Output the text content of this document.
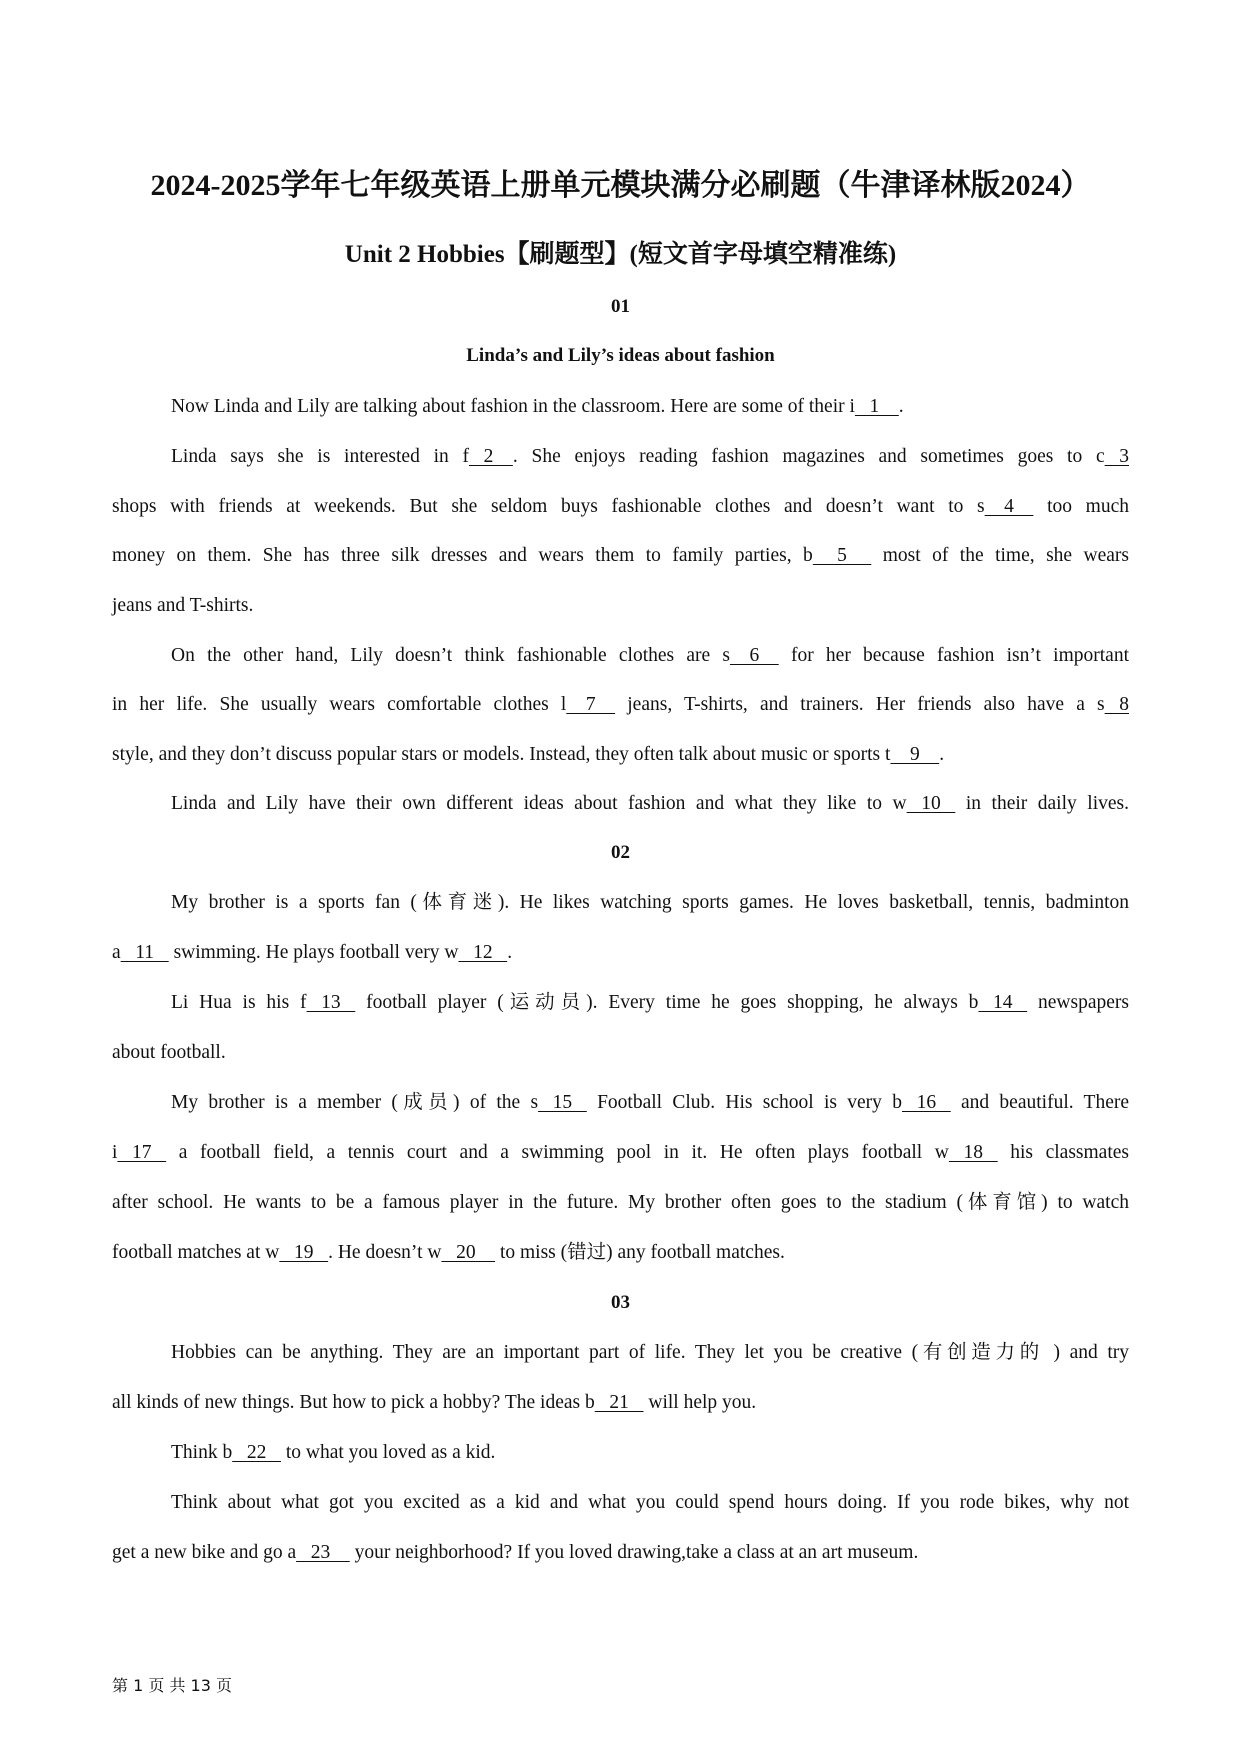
2024-2025学年七年级英语上册单元模块满分必刷题（牛津译林版2024）
Unit 2 Hobbies【刷题型】(短文首字母填空精准练)
01
Linda’s and Lily’s ideas about fashion
Now Linda and Lily are talking about fashion in the classroom. Here are some of their i   1    .
Linda says she is interested in f   2    . She enjoys reading fashion magazines and sometimes goes to c   3
shops with friends at weekends. But she seldom buys fashionable clothes and doesn’t want to s    4     too much
money on them. She has three silk dresses and wears them to family parties, b     5      most of the time, she wears
jeans and T-shirts.
On the other hand, Lily doesn’t think fashionable clothes are s    6     for her because fashion isn’t important
in her life. She usually wears comfortable clothes l    7     jeans, T-shirts, and trainers. Her friends also have a s   8
style, and they don’t discuss popular stars or models. Instead, they often talk about music or sports t    9    .
Linda and Lily have their own different ideas about fashion and what they like to w   10    in their daily lives.
02
My brother is a sports fan (体育迷). He likes watching sports games. He loves basketball, tennis, badminton
a   11    swimming. He plays football very w   12   .
Li Hua is his f   13    football player (运动员). Every time he goes shopping, he always b   14    newspapers
about football.
My brother is a member (成员) of the s   15    Football Club. His school is very b   16    and beautiful. There
i   17    a football field, a tennis court and a swimming pool in it. He often plays football w   18    his classmates
after school. He wants to be a famous player in the future. My brother often goes to the stadium (体育馆) to watch
football matches at w   19   . He doesn’t w   20     to miss (错过) any football matches.
03
Hobbies can be anything. They are an important part of life. They let you be creative (有创造力的 ) and try
all kinds of new things. But how to pick a hobby? The ideas b   21    will help you.
Think b   22    to what you loved as a kid.
Think about what got you excited as a kid and what you could spend hours doing. If you rode bikes, why not
get a new bike and go a   23     your neighborhood? If you loved drawing,take a class at an art museum.
第 1 页 共 13 页
